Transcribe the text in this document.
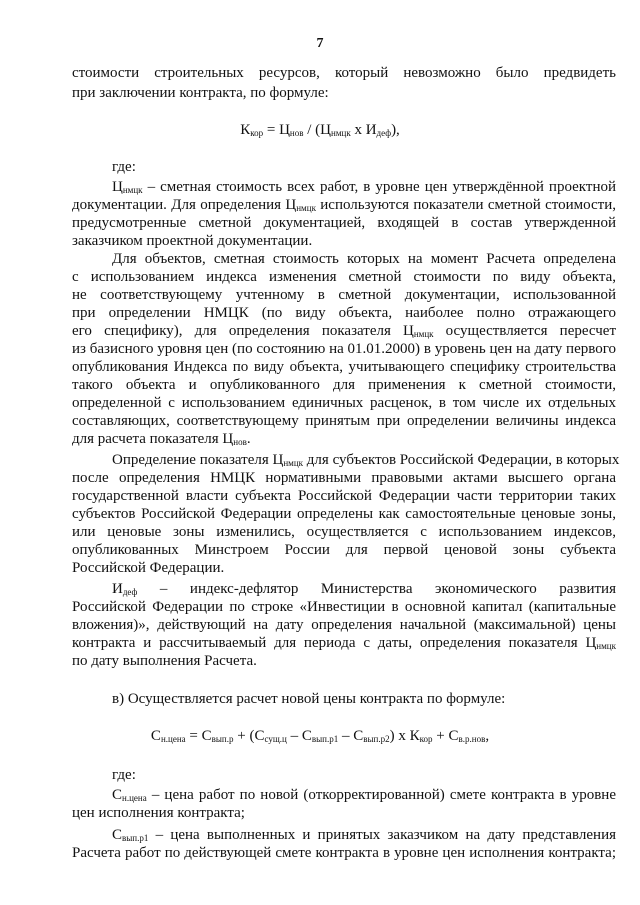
7
стоимости строительных ресурсов, который невозможно было предвидеть
при заключении контракта, по формуле:
$К_{кор} = Ц_{нов} / (Ц_{нмцк}$ x $И_{деф}$),
где:
$Ц_{нмцк}$ – сметная стоимость всех работ, в уровне цен утверждённой проектной
документации. Для определения $Ц_{нмцк}$ используются показатели сметной стоимости,
предусмотренные сметной документацией, входящей в состав утвержденной
заказчиком проектной документации.
Для объектов, сметная стоимость которых на момент Расчета определена
с использованием индекса изменения сметной стоимости по виду объекта,
не соответствующему учтенному в сметной документации, использованной
при определении НМЦК (по виду объекта, наиболее полно отражающего
его специфику), для определения показателя $Ц_{нмцк}$ осуществляется пересчет
из базисного уровня цен (по состоянию на 01.01.2000) в уровень цен на дату первого
опубликования Индекса по виду объекта, учитывающего специфику строительства
такого объекта и опубликованного для применения к сметной стоимости,
определенной с использованием единичных расценок, в том числе их отдельных
составляющих, соответствующему принятым при определении величины индекса
для расчета показателя $Ц_{нов}$.
Определение показателя $Ц_{нмцк}$ для субъектов Российской Федерации, в которых
после определения НМЦК нормативными правовыми актами высшего органа
государственной власти субъекта Российской Федерации части территории таких
субъектов Российской Федерации определены как самостоятельные ценовые зоны,
или ценовые зоны изменились, осуществляется с использованием индексов,
опубликованных Минстроем России для первой ценовой зоны субъекта
Российской Федерации.
$И_{деф}$ – индекс-дефлятор Министерства экономического развития
Российской Федерации по строке «Инвестиции в основной капитал (капитальные
вложения)», действующий на дату определения начальной (максимальной) цены
контракта и рассчитываемый для периода с даты, определения показателя $Ц_{нмцк}$
по дату выполнения Расчета.
в) Осуществляется расчет новой цены контракта по формуле:
$С_{н.цена} = С_{вып.р} + (С_{сущ.ц} - С_{вып.р1} - С_{вып.р2})$ x $К_{кор} + С_{в.р.нов}$,
где:
$С_{н.цена}$ – цена работ по новой (откорректированной) смете контракта в уровне
цен исполнения контракта;
$С_{вып.р1}$ – цена выполненных и принятых заказчиком на дату представления
Расчета работ по действующей смете контракта в уровне цен исполнения контракта;
